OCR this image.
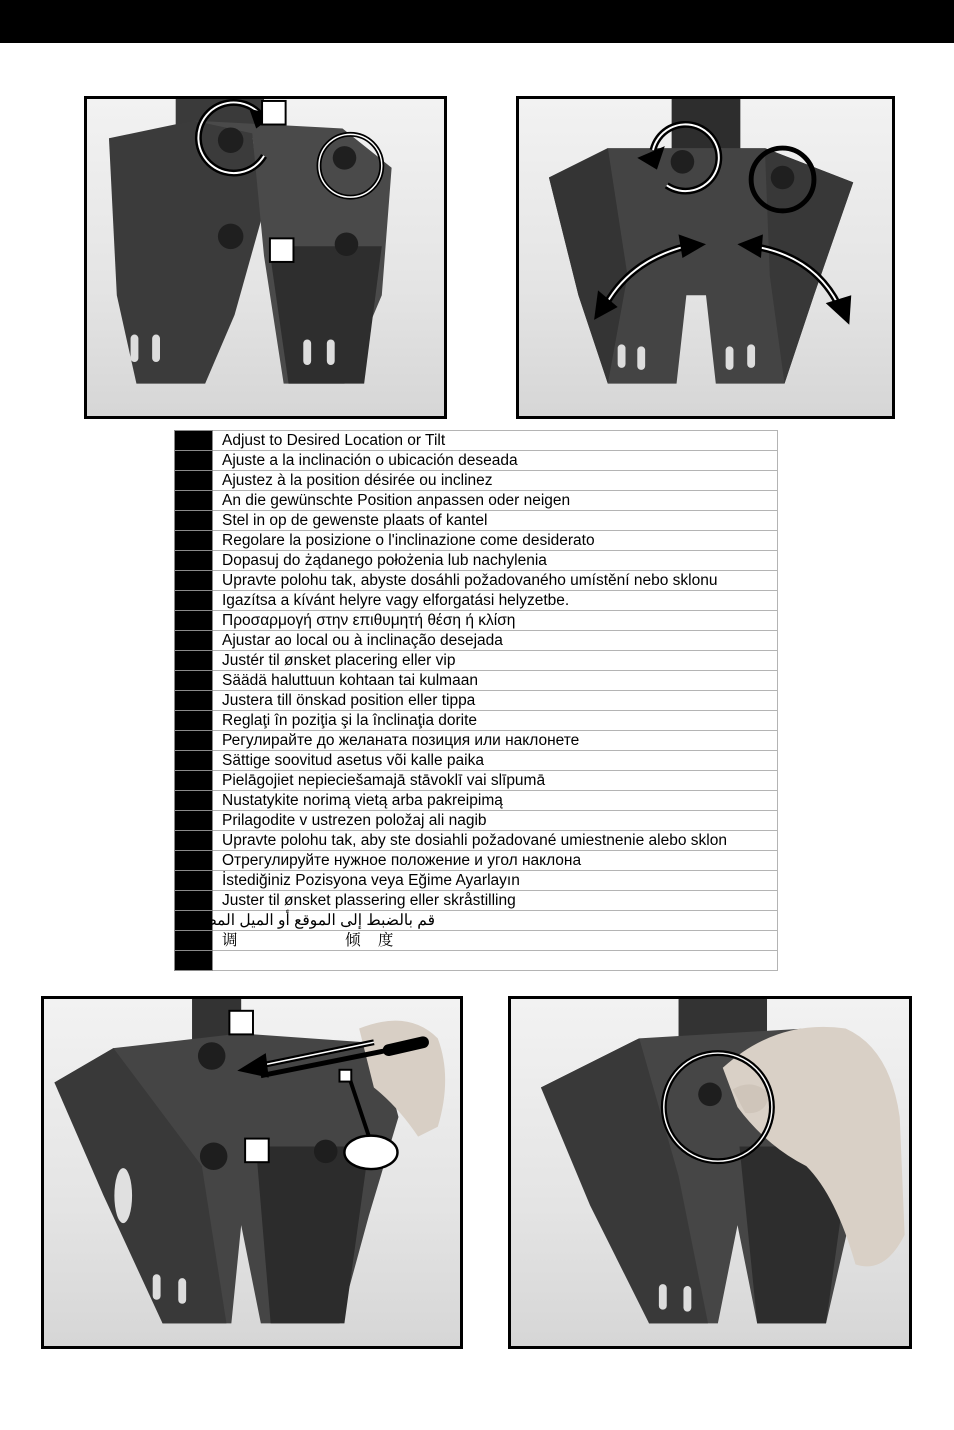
	Adjust to Desired Location or Tilt
	Ajuste a la inclinación o ubicación deseada
	Ajustez à la position désirée ou inclinez
	An die gewünschte Position anpassen oder neigen
	Stel in op de gewenste plaats of kantel
	Regolare la posizione o l'inclinazione come desiderato
	Dopasuj do żądanego położenia lub nachylenia
	Upravte polohu tak, abyste dosáhli požadovaného umístění nebo sklonu
	Igazítsa a kívánt helyre vagy elforgatási helyzetbe.
	Προσαρμογή στην επιθυμητή θέση ή κλίση
	Ajustar ao local ou à inclinação desejada
	Justér til ønsket placering eller vip
	Säädä haluttuun kohtaan tai kulmaan
	Justera till önskad position eller tippa
	Reglaţi în poziţia şi la înclinaţia dorite
	Регулирайте до желаната позиция или наклонете
	Sättige soovitud asetus või kalle paika
	Pielāgojiet nepieciešamajā stāvoklī vai slīpumā
	Nustatykite norimą vietą arba pakreipimą
	Prilagodite v ustrezen položaj ali nagib
	Upravte polohu tak, aby ste dosiahli požadované umiestnenie alebo sklon
	Отрегулируйте нужное положение и угол наклона
	İstediğiniz Pozisyona veya Eğime Ayarlayın
	Juster til ønsket plassering eller skråstilling
	قم بالضبط إلى الموقع أو الميل المطلوب
	调                         倾    度
